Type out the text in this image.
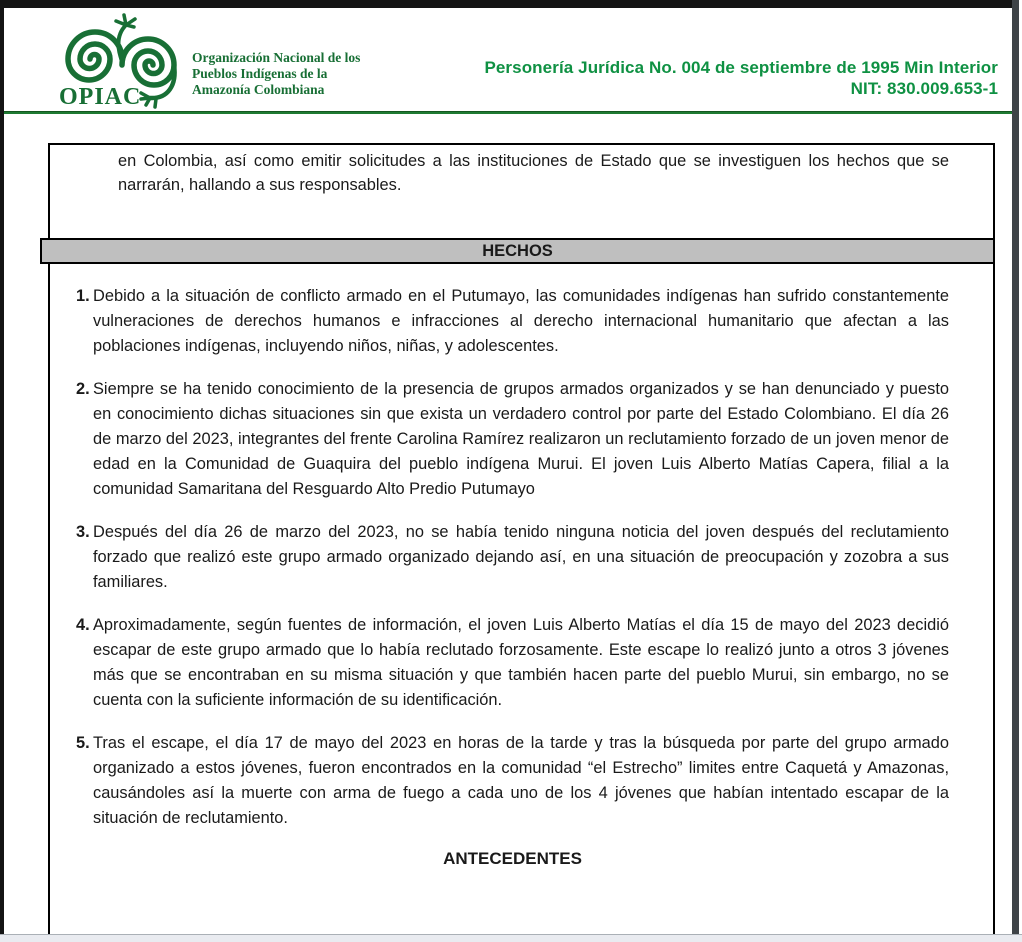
OPIAC
Organización Nacional de los
Pueblos Indígenas de la
Amazonía Colombiana
Personería Jurídica No. 004 de septiembre de 1995 Min Interior
NIT: 830.009.653-1

en Colombia, así como emitir solicitudes a las instituciones de Estado que se investiguen los hechos que se narrarán, hallando a sus responsables.

HECHOS
1. Debido a la situación de conflicto armado en el Putumayo, las comunidades indígenas han sufrido constantemente vulneraciones de derechos humanos e infracciones al derecho internacional humanitario que afectan a las poblaciones indígenas, incluyendo niños, niñas, y adolescentes.
2. Siempre se ha tenido conocimiento de la presencia de grupos armados organizados y se han denunciado y puesto en conocimiento dichas situaciones sin que exista un verdadero control por parte del Estado Colombiano. El día 26 de marzo del 2023, integrantes del frente Carolina Ramírez realizaron un reclutamiento forzado de un joven menor de edad en la Comunidad de Guaquira del pueblo indígena Murui. El joven Luis Alberto Matías Capera, filial a la comunidad Samaritana del Resguardo Alto Predio Putumayo
3. Después del día 26 de marzo del 2023, no se había tenido ninguna noticia del joven después del reclutamiento forzado que realizó este grupo armado organizado dejando así, en una situación de preocupación y zozobra a sus familiares.
4. Aproximadamente, según fuentes de información, el joven Luis Alberto Matías el día 15 de mayo del 2023 decidió escapar de este grupo armado que lo había reclutado forzosamente. Este escape lo realizó junto a otros 3 jóvenes más que se encontraban en su misma situación y que también hacen parte del pueblo Murui, sin embargo, no se cuenta con la suficiente información de su identificación.
5. Tras el escape, el día 17 de mayo del 2023 en horas de la tarde y tras la búsqueda por parte del grupo armado organizado a estos jóvenes, fueron encontrados en la comunidad “el Estrecho” limites entre Caquetá y Amazonas, causándoles así la muerte con arma de fuego a cada uno de los 4 jóvenes que habían intentado escapar de la situación de reclutamiento.
ANTECEDENTES
